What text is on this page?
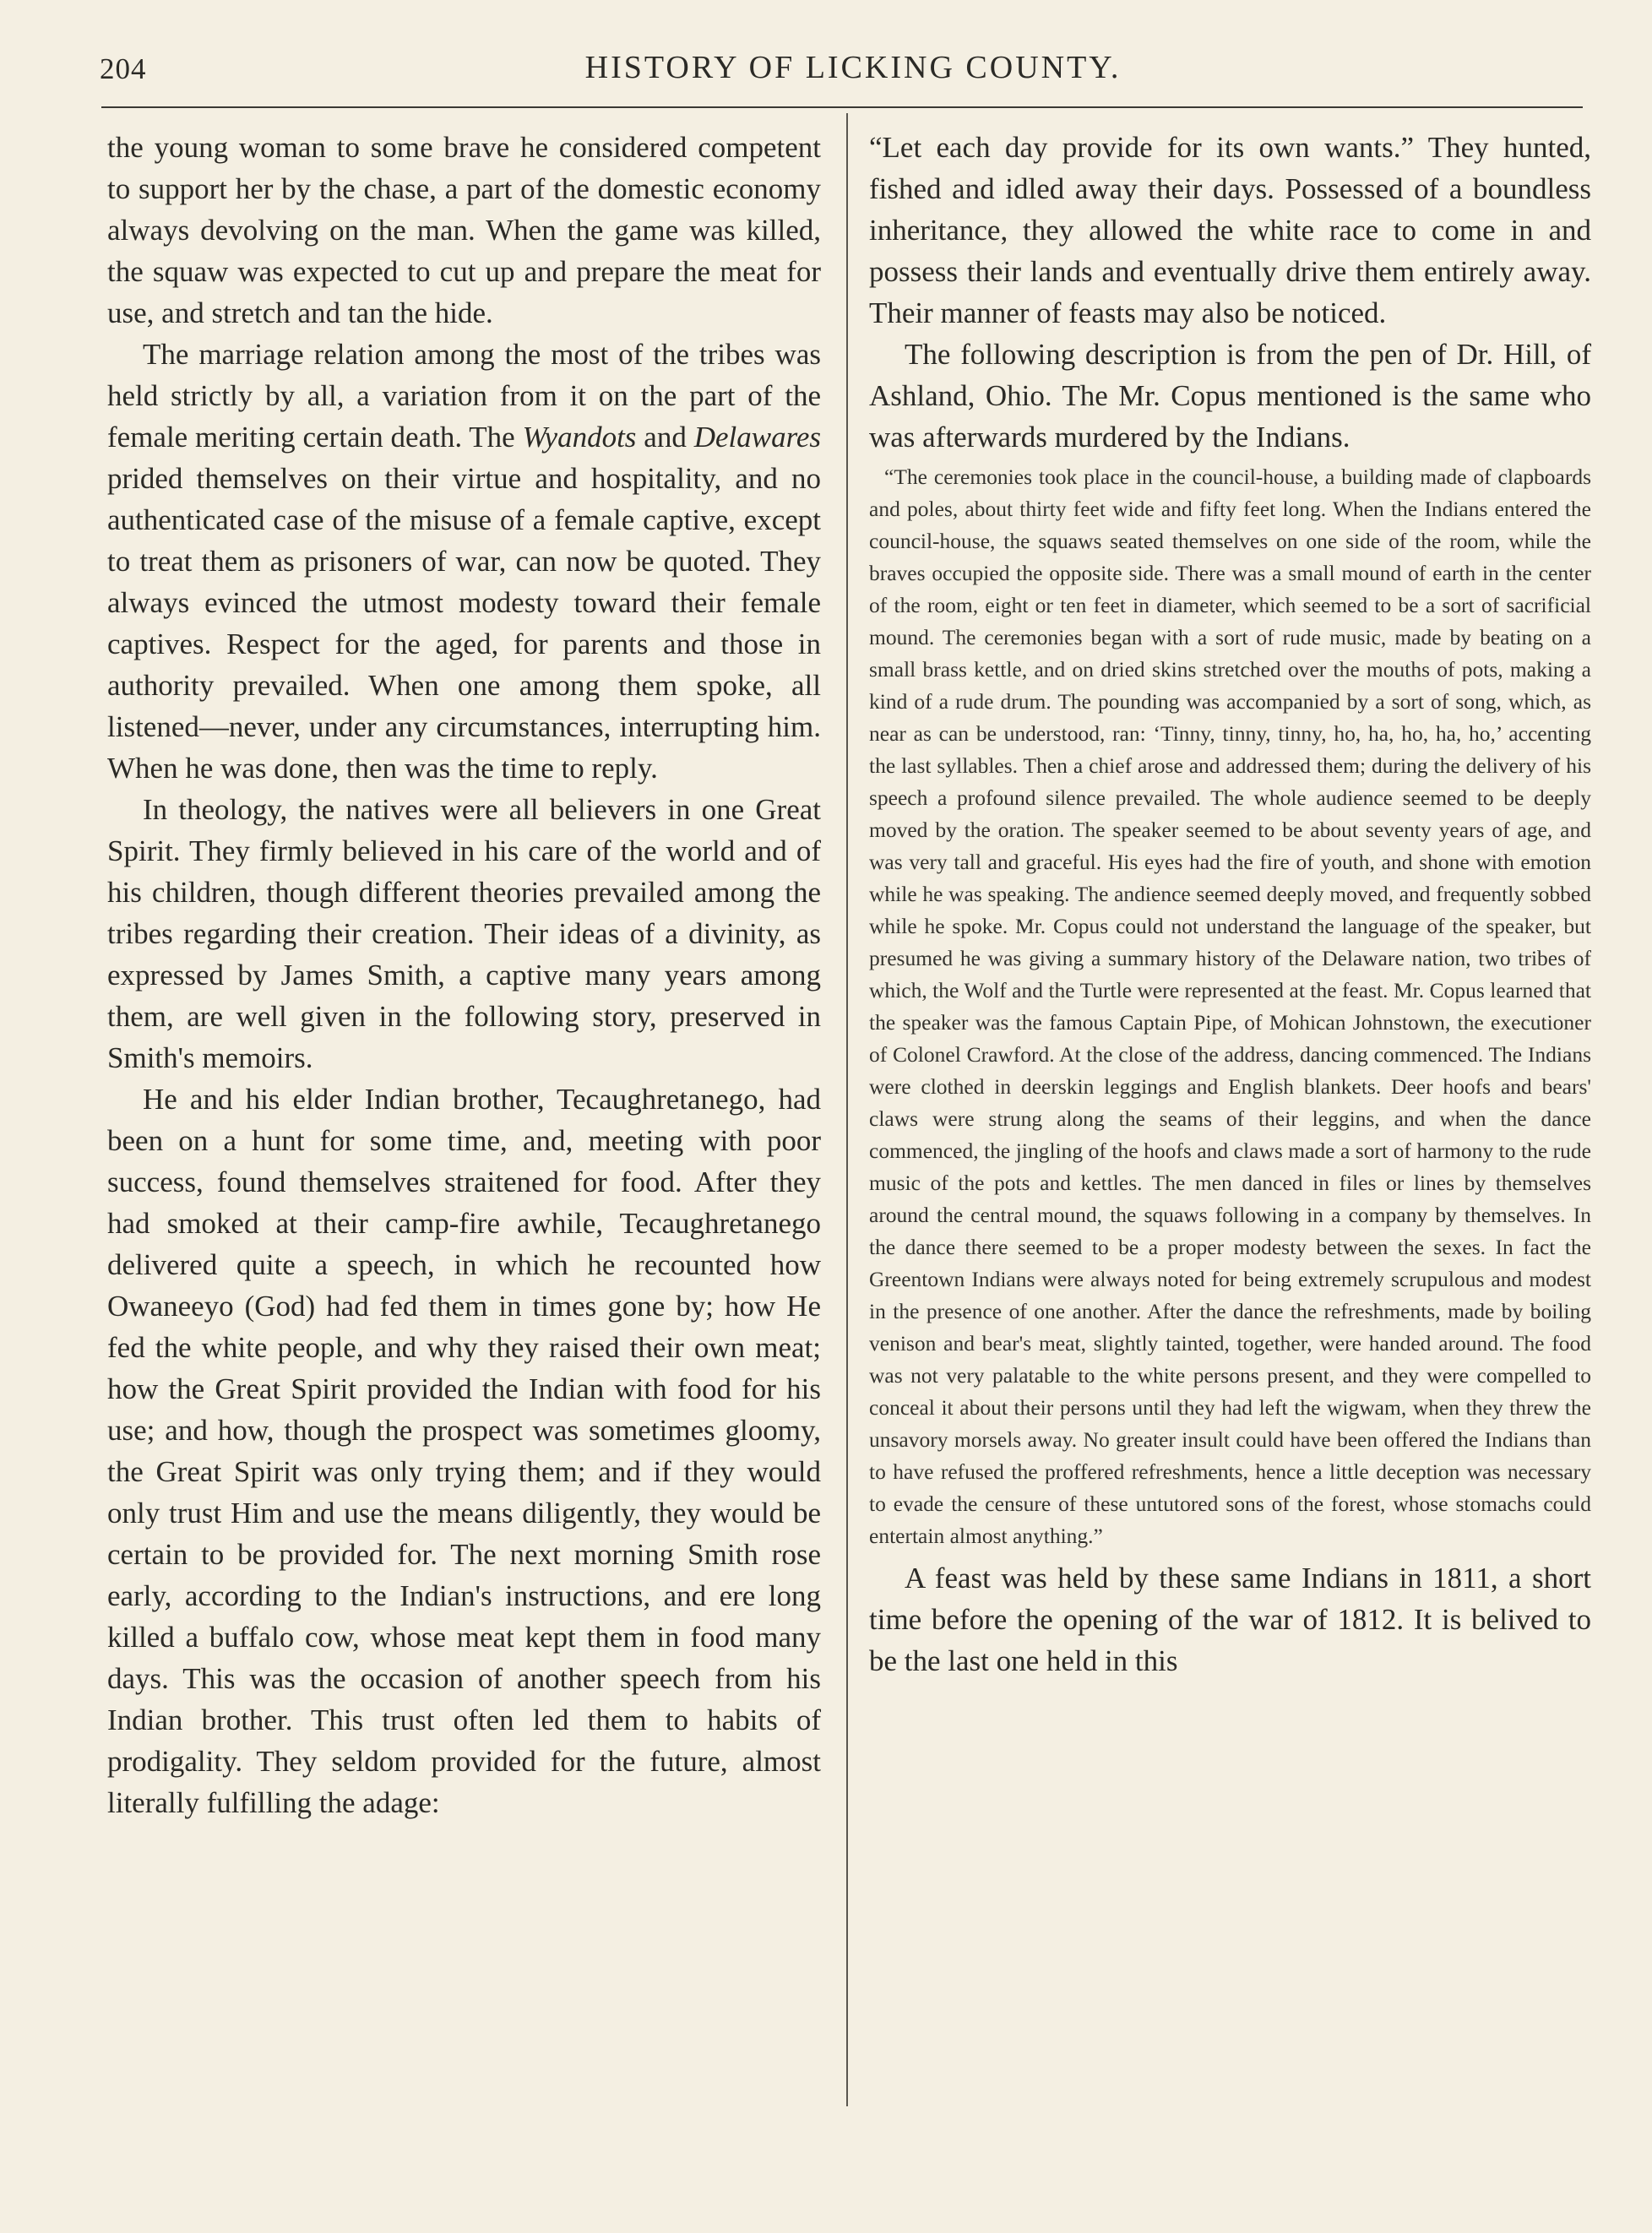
204	HISTORY OF LICKING COUNTY.

the young woman to some brave he considered competent to support her by the chase, a part of the domestic economy always devolving on the man. When the game was killed, the squaw was expected to cut up and prepare the meat for use, and stretch and tan the hide.

The marriage relation among the most of the tribes was held strictly by all, a variation from it on the part of the female meriting certain death. The Wyandots and Delawares prided themselves on their virtue and hospitality, and no authenticated case of the misuse of a female captive, except to treat them as prisoners of war, can now be quoted. They always evinced the utmost modesty toward their female captives. Respect for the aged, for parents and those in authority prevailed. When one among them spoke, all listened—never, under any circumstances, interrupting him. When he was done, then was the time to reply.

In theology, the natives were all believers in one Great Spirit. They firmly believed in his care of the world and of his children, though different theories prevailed among the tribes regarding their creation. Their ideas of a divinity, as expressed by James Smith, a captive many years among them, are well given in the following story, preserved in Smith's memoirs.

He and his elder Indian brother, Tecaughretanego, had been on a hunt for some time, and, meeting with poor success, found themselves straitened for food. After they had smoked at their camp-fire awhile, Tecaughretanego delivered quite a speech, in which he recounted how Owaneeyo (God) had fed them in times gone by; how He fed the white people, and why they raised their own meat; how the Great Spirit provided the Indian with food for his use; and how, though the prospect was sometimes gloomy, the Great Spirit was only trying them; and if they would only trust Him and use the means diligently, they would be certain to be provided for. The next morning Smith rose early, according to the Indian's instructions, and ere long killed a buffalo cow, whose meat kept them in food many days. This was the occasion of another speech from his Indian brother. This trust often led them to habits of prodigality. They seldom provided for the future, almost literally fulfilling the adage:

“Let each day provide for its own wants.” They hunted, fished and idled away their days. Possessed of a boundless inheritance, they allowed the white race to come in and possess their lands and eventually drive them entirely away. Their manner of feasts may also be noticed.

The following description is from the pen of Dr. Hill, of Ashland, Ohio. The Mr. Copus mentioned is the same who was afterwards murdered by the Indians.

“The ceremonies took place in the council-house, a building made of clapboards and poles, about thirty feet wide and fifty feet long. When the Indians entered the council-house, the squaws seated themselves on one side of the room, while the braves occupied the opposite side. There was a small mound of earth in the center of the room, eight or ten feet in diameter, which seemed to be a sort of sacrificial mound. The ceremonies began with a sort of rude music, made by beating on a small brass kettle, and on dried skins stretched over the mouths of pots, making a kind of a rude drum. The pounding was accompanied by a sort of song, which, as near as can be understood, ran: ‘Tinny, tinny, tinny, ho, ha, ho, ha, ho,’ accenting the last syllables. Then a chief arose and addressed them; during the delivery of his speech a profound silence prevailed. The whole audience seemed to be deeply moved by the oration. The speaker seemed to be about seventy years of age, and was very tall and graceful. His eyes had the fire of youth, and shone with emotion while he was speaking. The andience seemed deeply moved, and frequently sobbed while he spoke. Mr. Copus could not understand the language of the speaker, but presumed he was giving a summary history of the Delaware nation, two tribes of which, the Wolf and the Turtle were represented at the feast. Mr. Copus learned that the speaker was the famous Captain Pipe, of Mohican Johnstown, the executioner of Colonel Crawford. At the close of the address, dancing commenced. The Indians were clothed in deerskin leggings and English blankets. Deer hoofs and bears' claws were strung along the seams of their leggins, and when the dance commenced, the jingling of the hoofs and claws made a sort of harmony to the rude music of the pots and kettles. The men danced in files or lines by themselves around the central mound, the squaws following in a company by themselves. In the dance there seemed to be a proper modesty between the sexes. In fact the Greentown Indians were always noted for being extremely scrupulous and modest in the presence of one another. After the dance the refreshments, made by boiling venison and bear's meat, slightly tainted, together, were handed around. The food was not very palatable to the white persons present, and they were compelled to conceal it about their persons until they had left the wigwam, when they threw the unsavory morsels away. No greater insult could have been offered the Indians than to have refused the proffered refreshments, hence a little deception was necessary to evade the censure of these untutored sons of the forest, whose stomachs could entertain almost anything.”

A feast was held by these same Indians in 1811, a short time before the opening of the war of 1812. It is belived to be the last one held in this
